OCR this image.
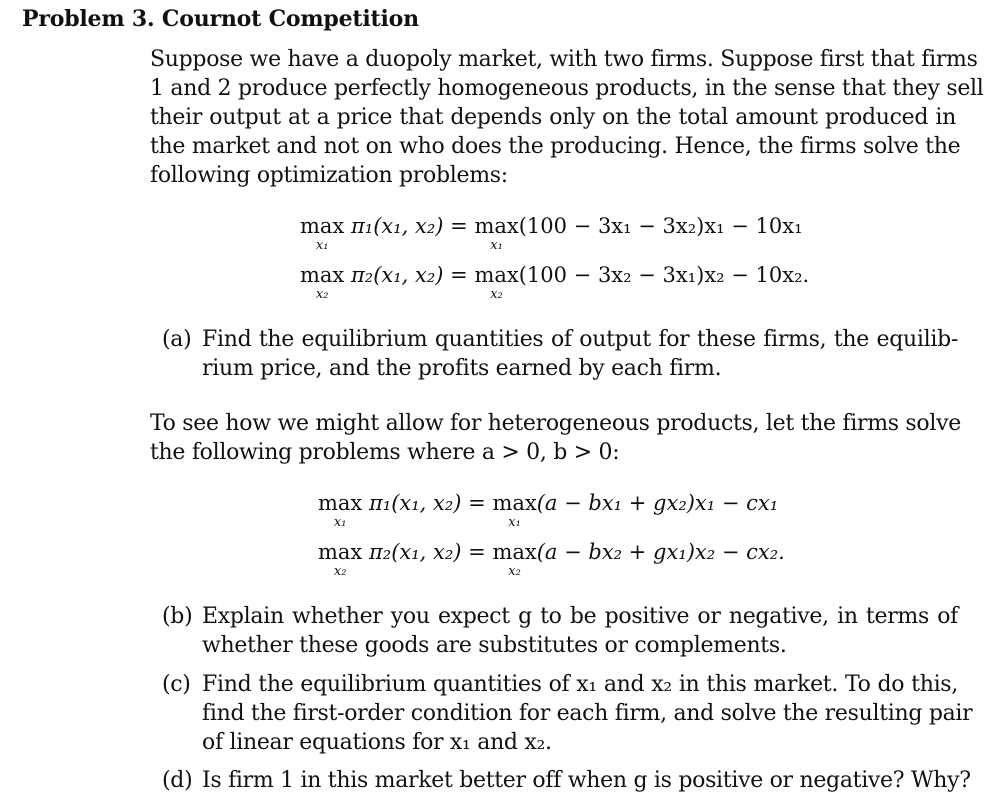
Problem 3. Cournot Competition
Suppose we have a duopoly market, with two firms. Suppose first that firms
1 and 2 produce perfectly homogeneous products, in the sense that they sell
their output at a price that depends only on the total amount produced in
the market and not on who does the producing. Hence, the firms solve the
following optimization problems:
max
x₁
π₁(x₁, x₂) = max
x₁
(100 − 3x₁ − 3x₂)x₁ − 10x₁
max
x₂
π₂(x₁, x₂) = max
x₂
(100 − 3x₂ − 3x₁)x₂ − 10x₂.
(a) Find the equilibrium quantities of output for these firms, the equilib-
rium price, and the profits earned by each firm.
To see how we might allow for heterogeneous products, let the firms solve
the following problems where a > 0, b > 0:
max
x₁
π₁(x₁, x₂) = max
x₁
(a − bx₁ + gx₂)x₁ − cx₁
max
x₂
π₂(x₁, x₂) = max
x₂
(a − bx₂ + gx₁)x₂ − cx₂.
(b) Explain whether you expect g to be positive or negative, in terms of
whether these goods are substitutes or complements.
(c) Find the equilibrium quantities of x₁ and x₂ in this market. To do this,
find the first-order condition for each firm, and solve the resulting pair
of linear equations for x₁ and x₂.
(d) Is firm 1 in this market better off when g is positive or negative? Why?
